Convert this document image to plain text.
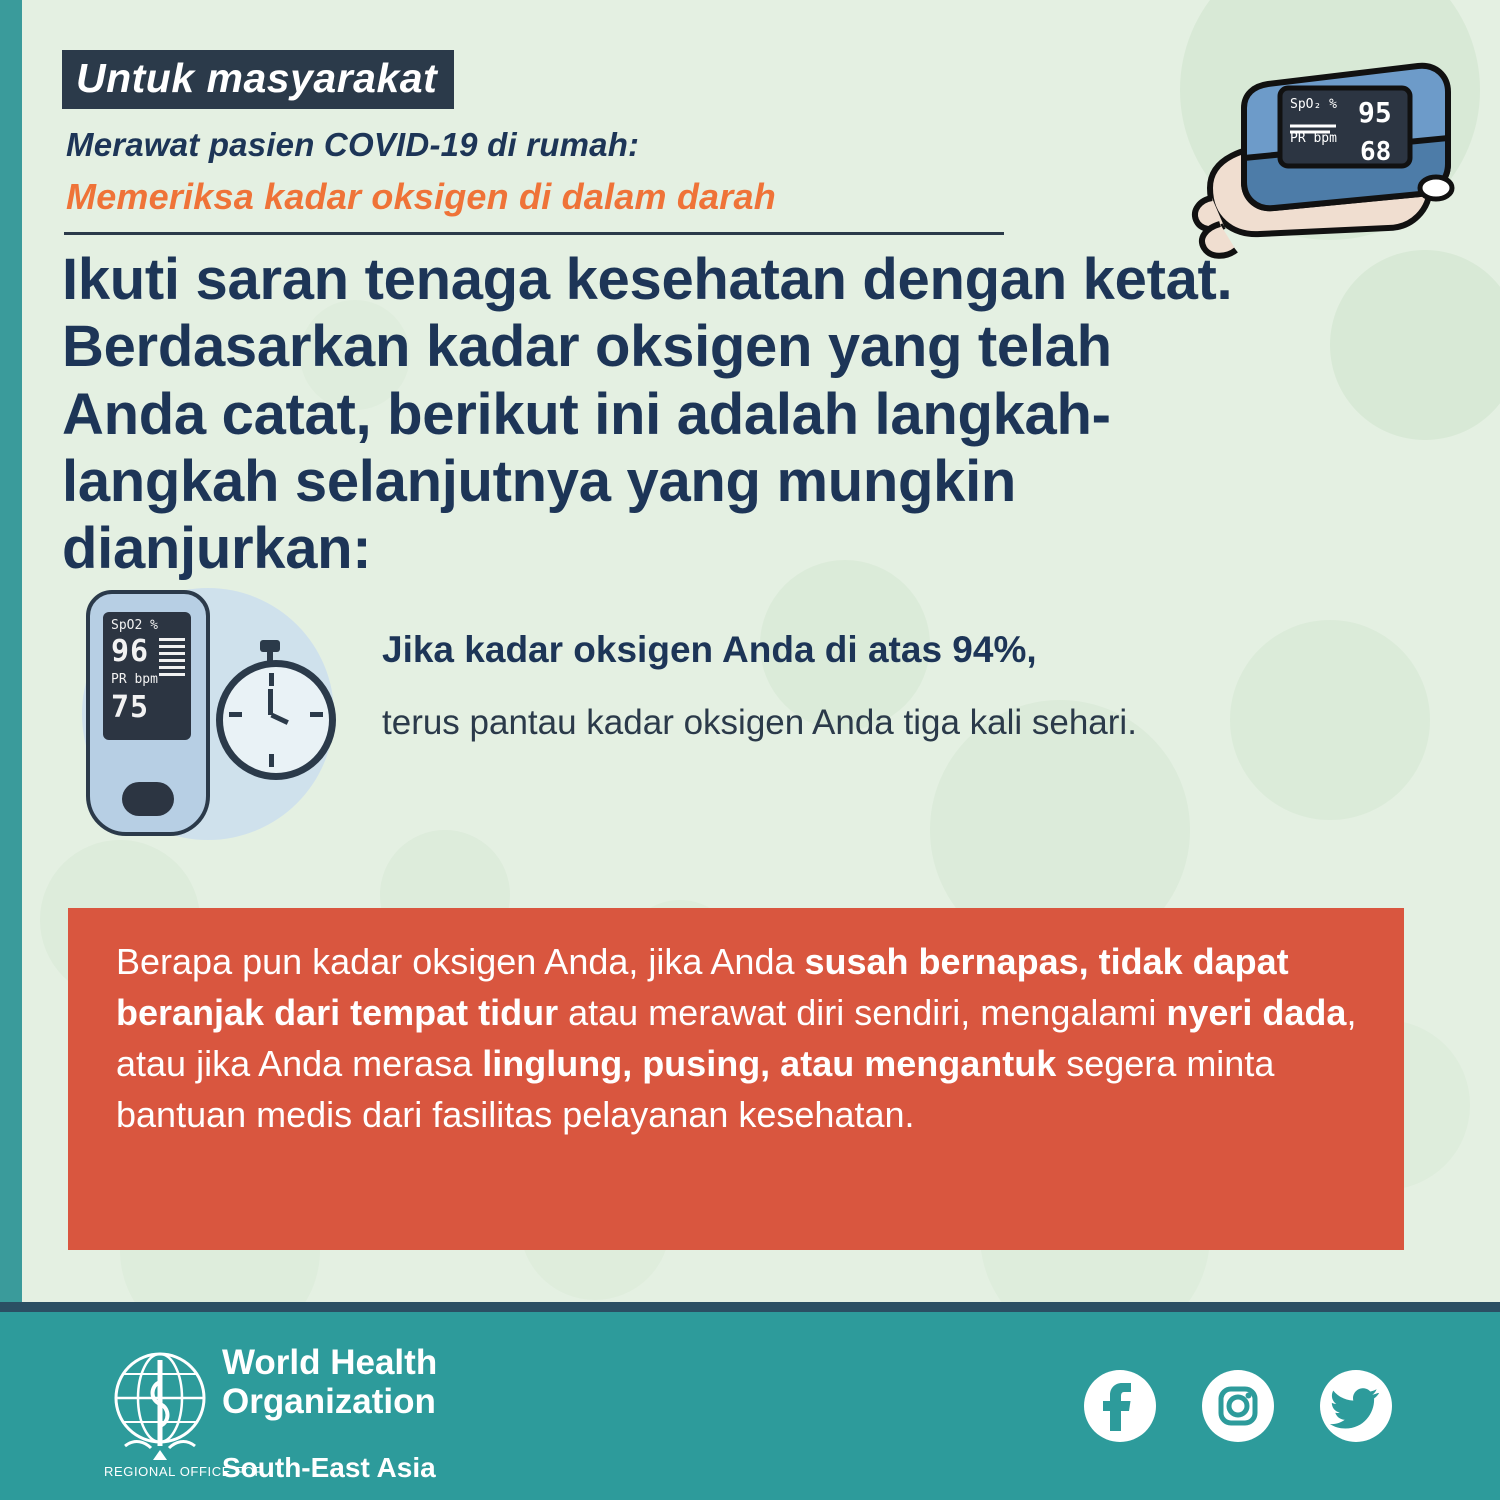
SpO₂ % 95
PR bpm 68
Untuk masyarakat
Merawat pasien COVID-19 di rumah:
Memeriksa kadar oksigen di dalam darah
Ikuti saran tenaga kesehatan dengan ketat. Berdasarkan kadar oksigen yang telah Anda catat, berikut ini adalah langkah-langkah selanjutnya yang mungkin dianjurkan:
SpO2 %
96
PR bpm
75
Jika kadar oksigen Anda di atas 94%,
terus pantau kadar oksigen Anda tiga kali sehari.
Berapa pun kadar oksigen Anda, jika Anda susah bernapas, tidak dapat beranjak dari tempat tidur atau merawat diri sendiri, mengalami nyeri dada, atau jika Anda merasa linglung, pusing, atau mengantuk segera minta bantuan medis dari fasilitas pelayanan kesehatan.
World Health
Organization
REGIONAL OFFICE FOR
South-East Asia
